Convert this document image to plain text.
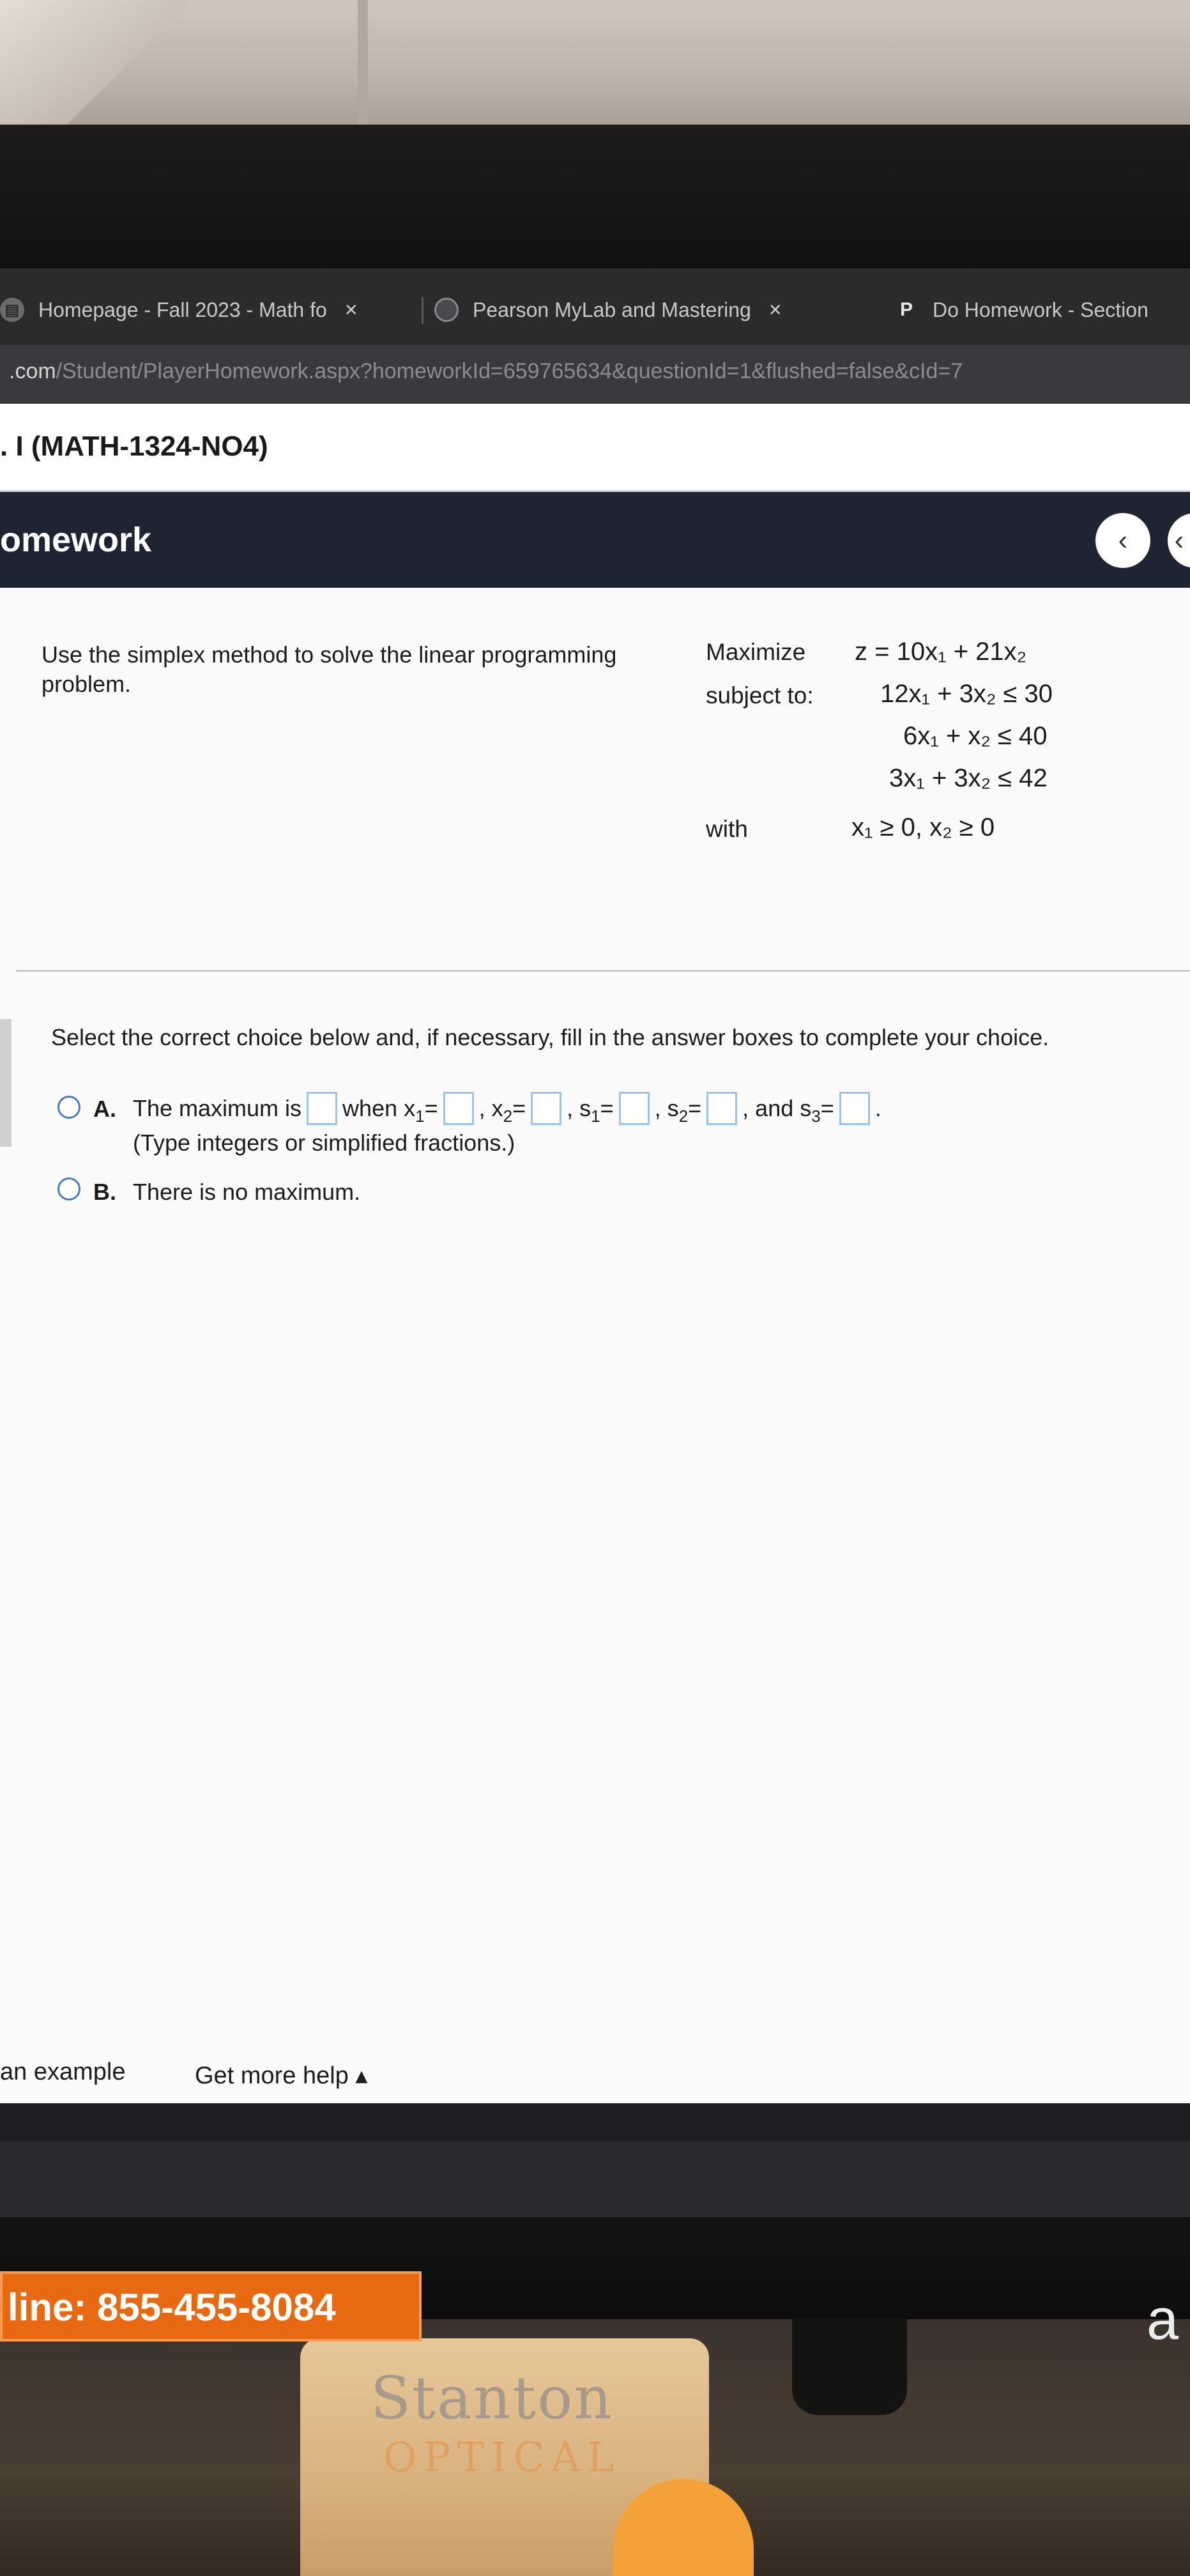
▤ Homepage - Fall 2023 - Math fo ×	Pearson MyLab and Mastering ×	P Do Homework - Section
.com/Student/PlayerHomework.aspx?homeworkId=659765634&questionId=1&flushed=false&cId=7
. I (MATH-1324-NO4)
omework	‹ ‹
Use the simplex method to solve the linear programming problem.
Maximize z = 10x₁ + 21x₂
subject to:	12x₁ + 3x₂ ≤ 30
6x₁ + x₂ ≤ 40
3x₁ + 3x₂ ≤ 42
with	x₁ ≥ 0, x₂ ≥ 0
Select the correct choice below and, if necessary, fill in the answer boxes to complete your choice.
A. The maximum is when x 1 = , x 2 = , s 1 = , s 2 = , and s 3 = .
(Type integers or simplified fractions.)
B. There is no maximum.
an example	Get more help ▴
Stanton
OPTICAL
line: 855-455-8084	a
